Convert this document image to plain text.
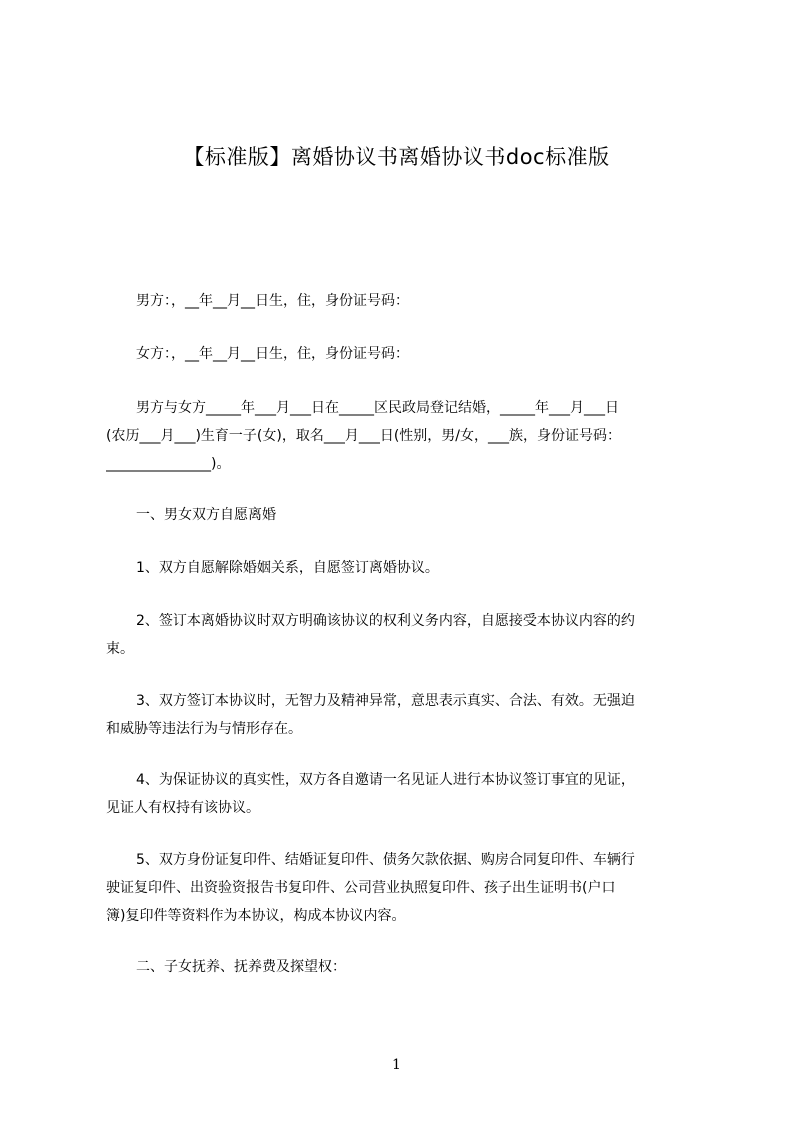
【标准版】离婚协议书离婚协议书doc标准版
男方：，__年__月__日生，住，身份证号码：
女方：，__年__月__日生，住，身份证号码：
男方与女方_____年___月___日在_____区民政局登记结婚，_____年___月___日
(农历___月___)生育一子(女)，取名___月___日(性别，男/女，___族，身份证号码：
_______________)。
一、男女双方自愿离婚
1、双方自愿解除婚姻关系，自愿签订离婚协议。
2、签订本离婚协议时双方明确该协议的权利义务内容，自愿接受本协议内容的约
束。
3、双方签订本协议时，无智力及精神异常，意思表示真实、合法、有效。无强迫
和威胁等违法行为与情形存在。
4、为保证协议的真实性，双方各自邀请一名见证人进行本协议签订事宜的见证，
见证人有权持有该协议。
5、双方身份证复印件、结婚证复印件、债务欠款依据、购房合同复印件、车辆行
驶证复印件、出资验资报告书复印件、公司营业执照复印件、孩子出生证明书(户口
簿)复印件等资料作为本协议，构成本协议内容。
二、子女抚养、抚养费及探望权：
1
